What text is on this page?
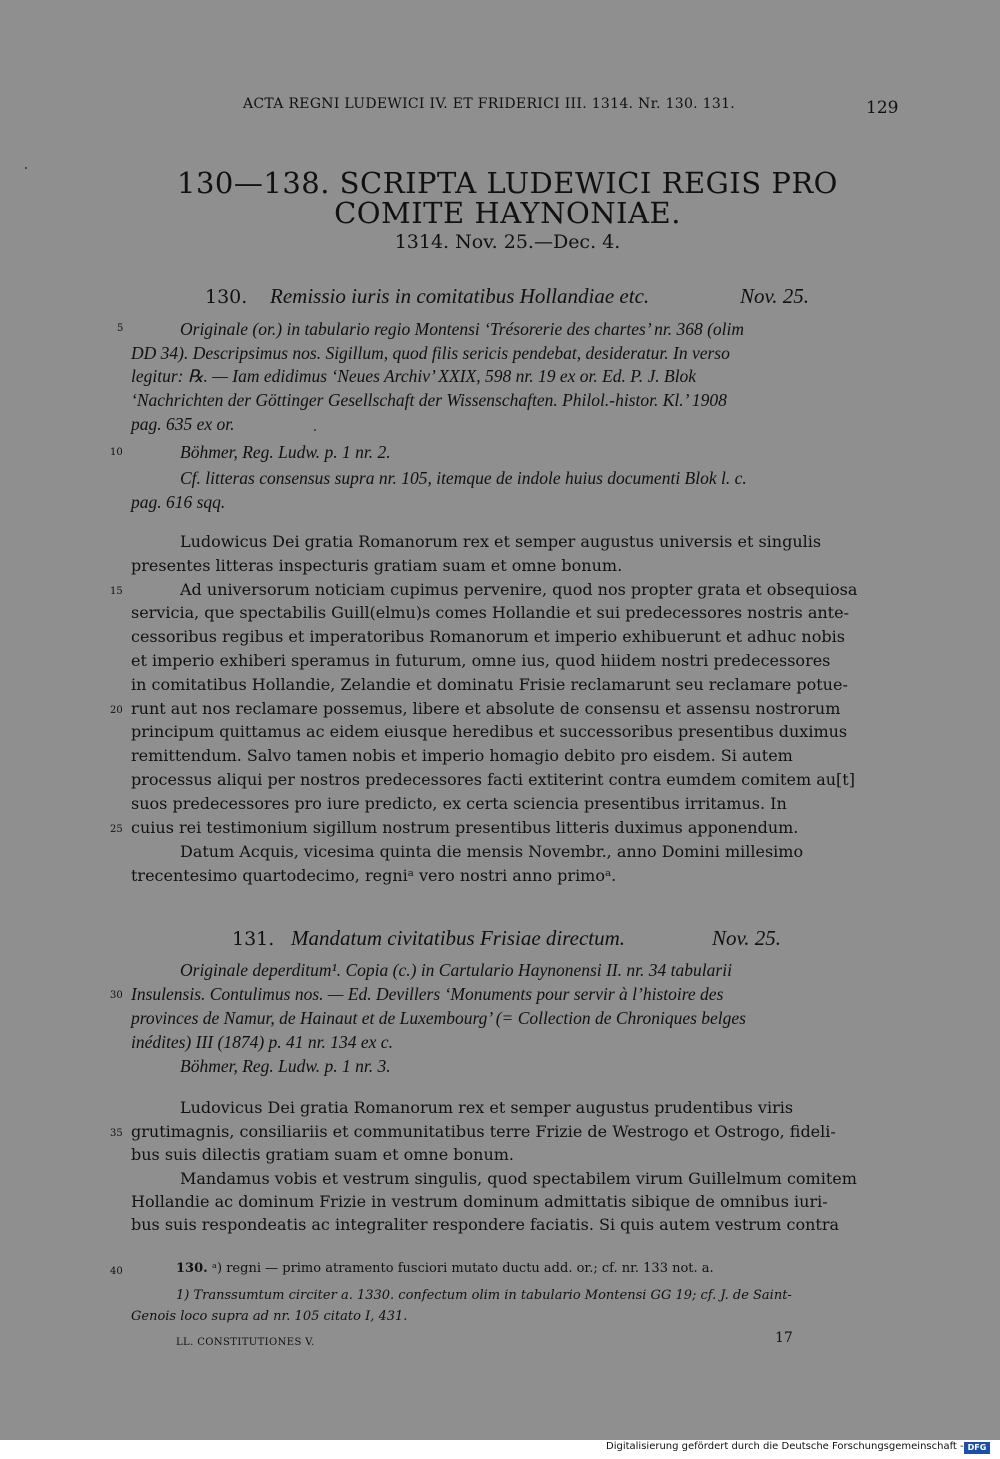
ACTA REGNI LUDEWICI IV. ET FRIDERICI III. 1314. Nr. 130. 131.	129
130—138. SCRIPTA LUDEWICI REGIS PRO
COMITE HAYNONIAE.
1314. Nov. 25.—Dec. 4.
130. Remissio iuris in comitatibus Hollandiae etc.	Nov. 25.
Originale (or.) in tabulario regio Montensi ‘Trésorerie des chartes’ nr. 368 (olim
DD 34). Descripsimus nos. Sigillum, quod filis sericis pendebat, desideratur. In verso
legitur: ℞. — Iam edidimus ‘Neues Archiv’ XXIX, 598 nr. 19 ex or. Ed. P. J. Blok
‘Nachrichten der Göttinger Gesellschaft der Wissenschaften. Philol.-histor. Kl.’ 1908
pag. 635 ex or.
Böhmer, Reg. Ludw. p. 1 nr. 2.
Cf. litteras consensus supra nr. 105, itemque de indole huius documenti Blok l. c.
pag. 616 sqq.
Ludowicus Dei gratia Romanorum rex et semper augustus universis et singulis
presentes litteras inspecturis gratiam suam et omne bonum.
Ad universorum noticiam cupimus pervenire, quod nos propter grata et obsequiosa
servicia, que spectabilis Guill(elmu)s comes Hollandie et sui predecessores nostris ante-
cessoribus regibus et imperatoribus Romanorum et imperio exhibuerunt et adhuc nobis
et imperio exhiberi speramus in futurum, omne ius, quod hiidem nostri predecessores
in comitatibus Hollandie, Zelandie et dominatu Frisie reclamarunt seu reclamare potue-
runt aut nos reclamare possemus, libere et absolute de consensu et assensu nostrorum
principum quittamus ac eidem eiusque heredibus et successoribus presentibus duximus
remittendum. Salvo tamen nobis et imperio homagio debito pro eisdem. Si autem
processus aliqui per nostros predecessores facti extiterint contra eumdem comitem au[t]
suos predecessores pro iure predicto, ex certa sciencia presentibus irritamus. In
cuius rei testimonium sigillum nostrum presentibus litteris duximus apponendum.
Datum Acquis, vicesima quinta die mensis Novembr., anno Domini millesimo
trecentesimo quartodecimo, regniᵃ vero nostri anno primoᵃ.
131. Mandatum civitatibus Frisiae directum.	Nov. 25.
Originale deperditum¹. Copia (c.) in Cartulario Haynonensi II. nr. 34 tabularii
Insulensis. Contulimus nos. — Ed. Devillers ‘Monuments pour servir à l’histoire des
provinces de Namur, de Hainaut et de Luxembourg’ (= Collection de Chroniques belges
inédites) III (1874) p. 41 nr. 134 ex c.
Böhmer, Reg. Ludw. p. 1 nr. 3.
Ludovicus Dei gratia Romanorum rex et semper augustus prudentibus viris
grutimagnis, consiliariis et communitatibus terre Frizie de Westrogo et Ostrogo, fideli-
bus suis dilectis gratiam suam et omne bonum.
Mandamus vobis et vestrum singulis, quod spectabilem virum Guillelmum comitem
Hollandie ac dominum Frizie in vestrum dominum admittatis sibique de omnibus iuri-
bus suis respondeatis ac integraliter respondere faciatis. Si quis autem vestrum contra
5
10
15
20
25
30
35
40	130. ᵃ) regni — primo atramento fusciori mutato ductu add. or.; cf. nr. 133 not. a.
1) Transsumtum circiter a. 1330. confectum olim in tabulario Montensi GG 19; cf. J. de Saint-
Genois loco supra ad nr. 105 citato I, 431.
LL. CONSTITUTIONES V.	17
Digitalisierung gefördert durch die Deutsche Forschungsgemeinschaft - DFG
